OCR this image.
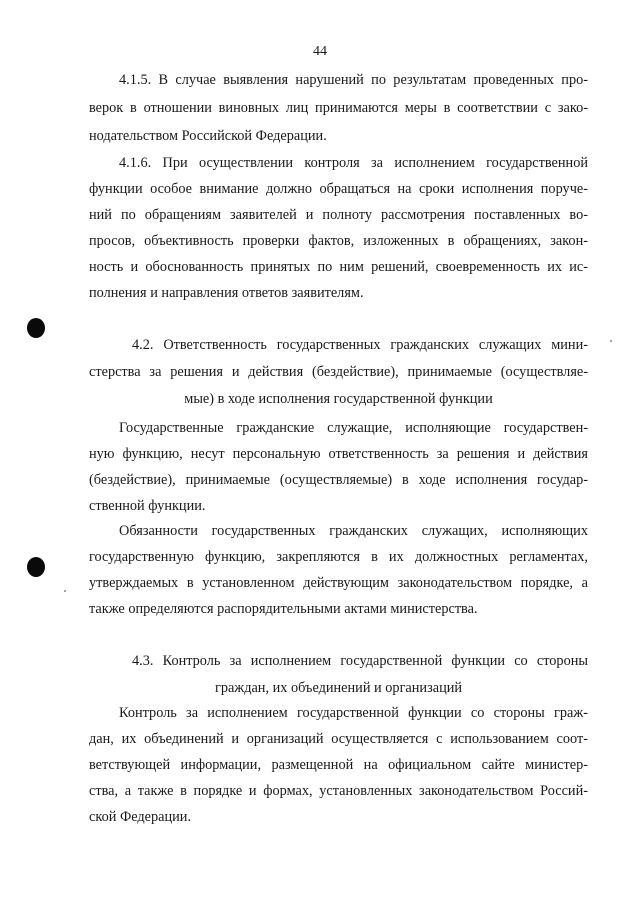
44
4.1.5. В случае выявления нарушений по результатам проведенных про-
верок в отношении виновных лиц принимаются меры в соответствии с зако-
нодательством Российской Федерации.
4.1.6. При осуществлении контроля за исполнением государственной
функции особое внимание должно обращаться на сроки исполнения поруче-
ний по обращениям заявителей и полноту рассмотрения поставленных во-
просов, объективность проверки фактов, изложенных в обращениях, закон-
ность и обоснованность принятых по ним решений, своевременность их ис-
полнения и направления ответов заявителям.
4.2. Ответственность государственных гражданских служащих мини-
стерства за решения и действия (бездействие), принимаемые (осуществляе-
мые) в ходе исполнения государственной функции
Государственные гражданские служащие, исполняющие государствен-
ную функцию, несут персональную ответственность за решения и действия
(бездействие), принимаемые (осуществляемые) в ходе исполнения государ-
ственной функции.
Обязанности государственных гражданских служащих, исполняющих
государственную функцию, закрепляются в их должностных регламентах,
утверждаемых в установленном действующим законодательством порядке, а
также определяются распорядительными актами министерства.
4.3. Контроль за исполнением государственной функции со стороны
граждан, их объединений и организаций
Контроль за исполнением государственной функции со стороны граж-
дан, их объединений и организаций осуществляется с использованием соот-
ветствующей информации, размещенной на официальном сайте министер-
ства, а также в порядке и формах, установленных законодательством Россий-
ской Федерации.
